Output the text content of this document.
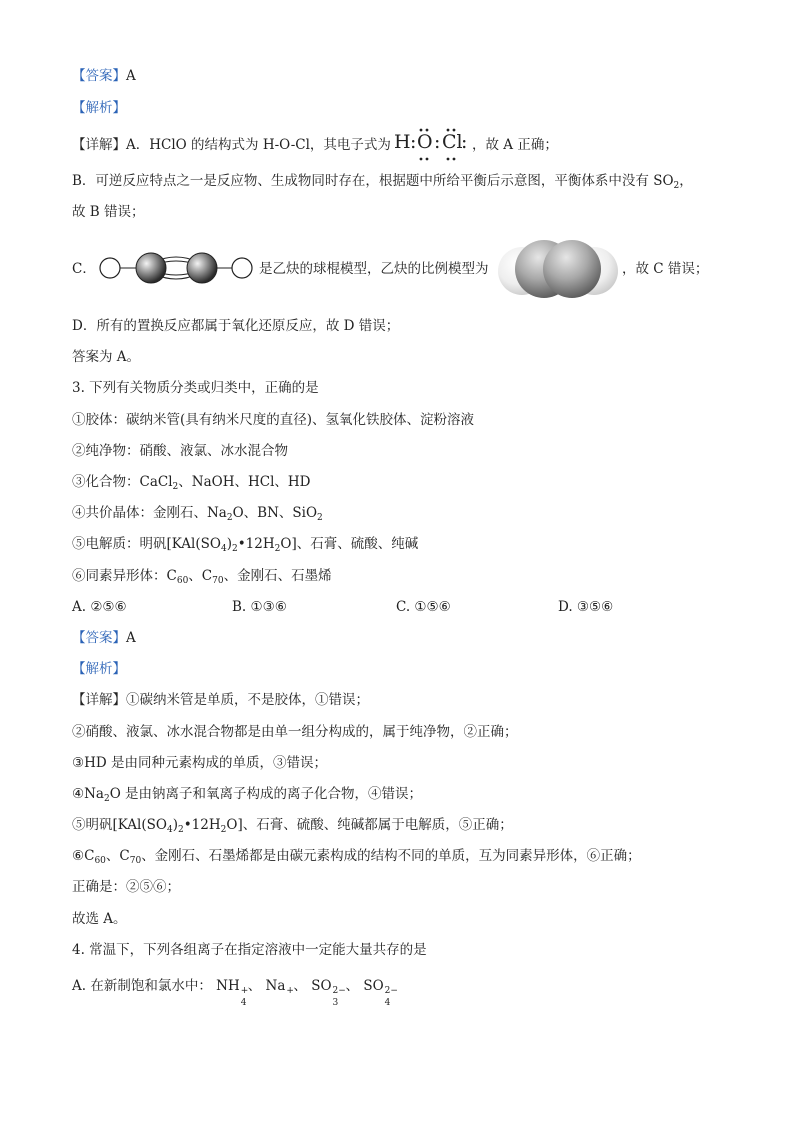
【答案】A
【解析】
【详解】A．HClO 的结构式为 H-O-Cl，其电子式为 H : O : Cl
: ，故 A 正确；
B．可逆反应特点之一是反应物、生成物同时存在，根据题中所给平衡后示意图，平衡体系中没有 $SO_2$，
故 B 错误；
C．	是乙炔的球棍模型，乙炔的比例模型为	，故 C 错误；
D．所有的置换反应都属于氧化还原反应，故 D 错误；
答案为 A。
3. 下列有关物质分类或归类中，正确的是
①胶体：碳纳米管(具有纳米尺度的直径)、氢氧化铁胶体、淀粉溶液
②纯净物：硝酸、液氯、冰水混合物
③化合物：CaCl$_2$、NaOH、HCl、HD
④共价晶体：金刚石、$Na_2O$、BN、SiO$_2$
⑤电解质：明矾$[KAl(SO_4)_2•12H_2O]$、石膏、硫酸、纯碱
⑥同素异形体：$C_{60}$、$C_{70}$、金刚石、石墨烯
A. ②⑤⑥	B. ①③⑥	C. ①⑤⑥	D. ③⑤⑥
【答案】A
【解析】
【详解】①碳纳米管是单质，不是胶体，①错误；
②硝酸、液氯、冰水混合物都是由单一组分构成的，属于纯净物，②正确；
③HD 是由同种元素构成的单质，③错误；
$④Na_2O$ 是由钠离子和氧离子构成的离子化合物，④错误；
⑤明矾$[KAl(SO_4)_2•12H_2O]$、石膏、硫酸、纯碱都属于电解质，⑤正确；
$⑥C_{60}$、$C_{70}$、金刚石、石墨烯都是由碳元素构成的结构不同的单质，互为同素异形体，⑥正确；
正确是：②⑤⑥；
故选 A。
4. 常温下，下列各组离子在指定溶液中一定能大量共存的是
A. 在新制饱和氯水中： NH +
4
、 Na + 、 SO 2−
3
、 SO 2−
4
